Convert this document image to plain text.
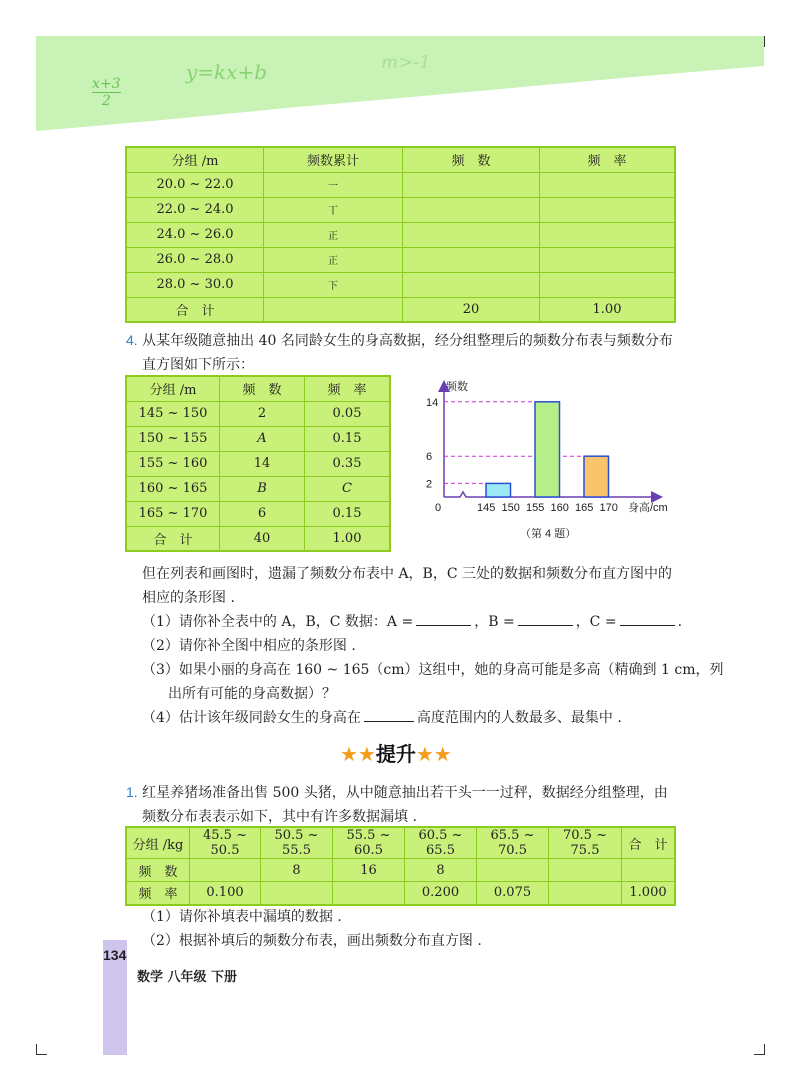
x+3
2
y=kx+b	m>-1
分组 /m	频数累计	频　数	频　率
20.0 ~ 22.0	一		
22.0 ~ 24.0	丅		
24.0 ~ 26.0	正		
26.0 ~ 28.0	正		
28.0 ~ 30.0	下		
合　计		20	1.00
4. 从某年级随意抽出 40 名同龄女生的身高数据，经分组整理后的频数分布表与频数分布
直方图如下所示：
分组 /m	频　数	频　率
145 ~ 150	2	0.05
150 ~ 155	A	0.15
155 ~ 160	14	0.35
160 ~ 165	B	C
165 ~ 170	6	0.15
合　计	40	1.00
频数
14
6
2
145 150 155 160 165 170
0	身高/cm
（第 4 题）
但在列表和画图时，遗漏了频数分布表中 A，B，C 三处的数据和频数分布直方图中的
相应的条形图 .
（1）请你补全表中的 A，B，C 数据：A =	，B =	，C =	.
（2）请你补全图中相应的条形图 .
（3）如果小丽的身高在 160 ~ 165（cm）这组中，她的身高可能是多高（精确到 1 cm，列
出所有可能的身高数据）？
（4）估计该年级同龄女生的身高在	高度范围内的人数最多、最集中 .
★★提升★★
1. 红星养猪场准备出售 500 头猪，从中随意抽出若干头一一过秤，数据经分组整理，由
频数分布表表示如下，其中有许多数据漏填 .
分组 /kg	45.5 ~ 50.5	50.5 ~ 55.5	55.5 ~ 60.5	60.5 ~ 65.5	65.5 ~ 70.5	70.5 ~ 75.5	合　计
频　数		8	16	8			
频　率	0.100			0.200	0.075		1.000
（1）请你补填表中漏填的数据 .
（2）根据补填后的频数分布表，画出频数分布直方图 .
134
数学 八年级 下册
